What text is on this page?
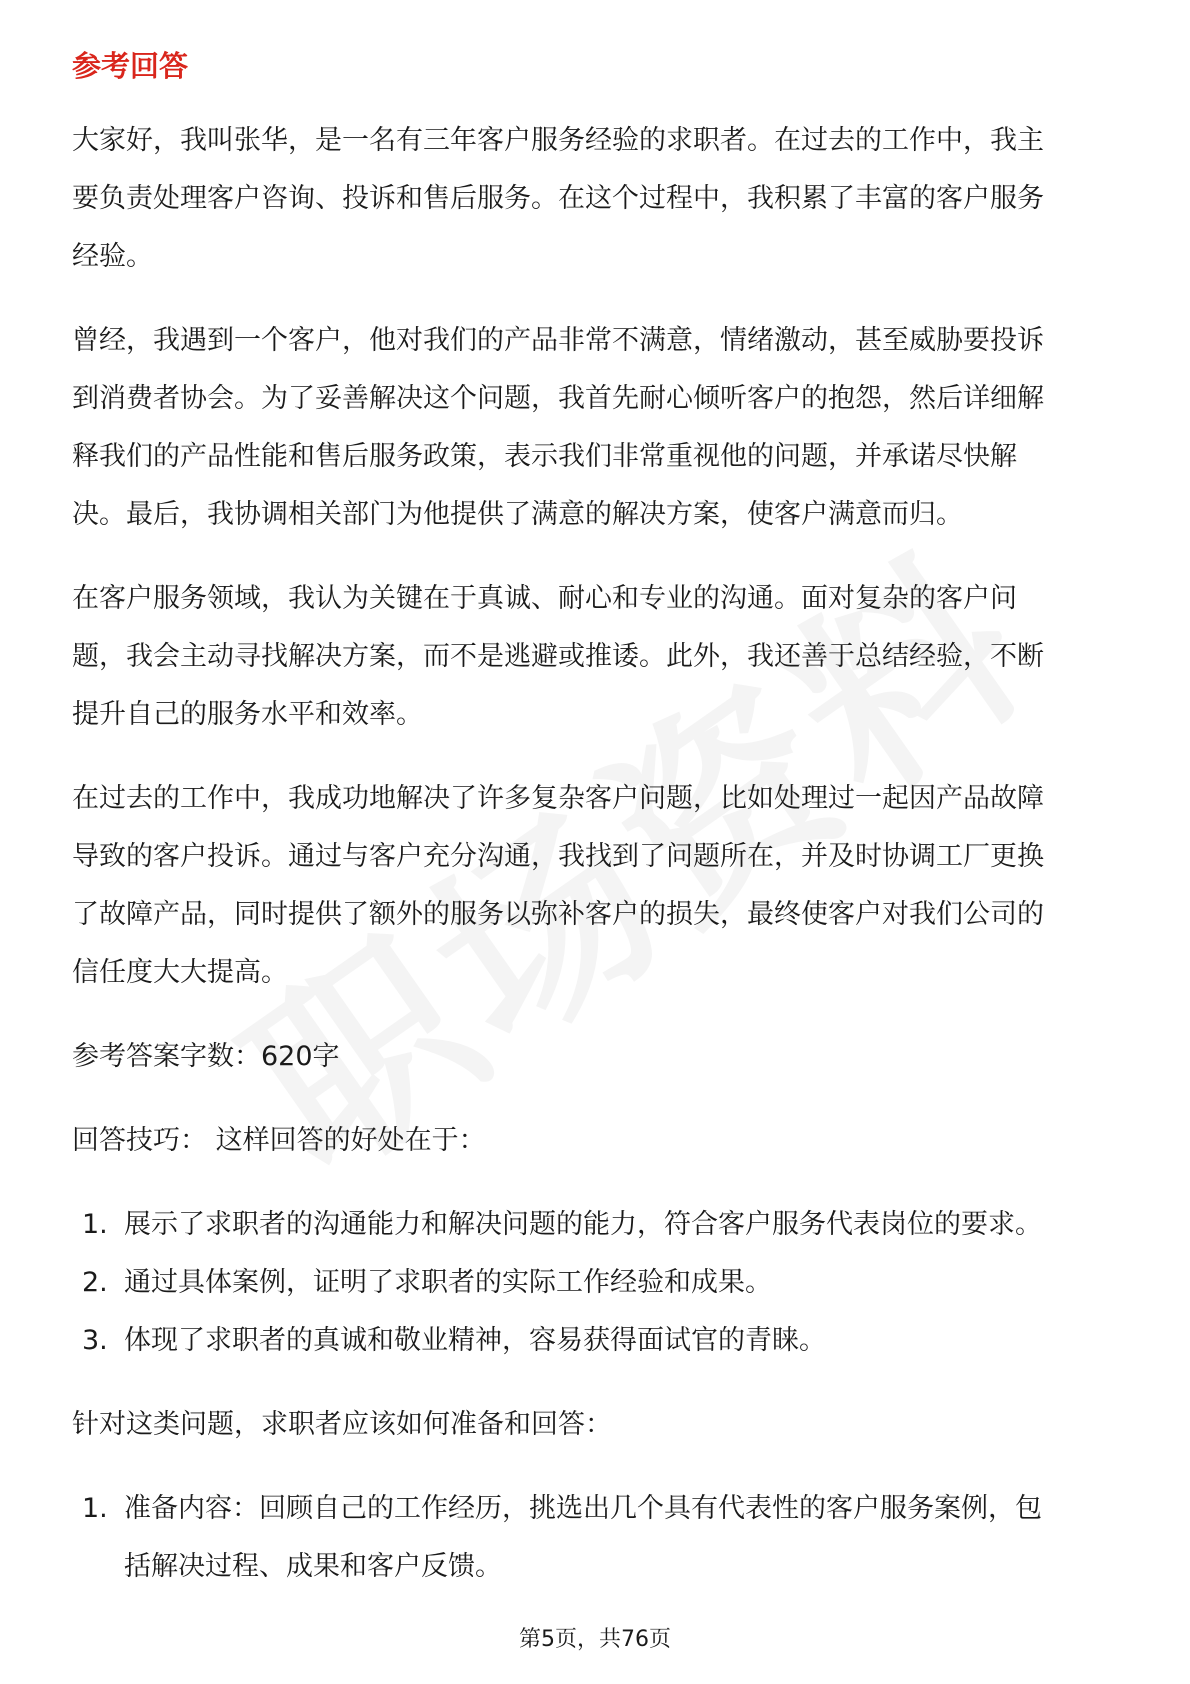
参考回答
大家好，我叫张华，是一名有三年客户服务经验的求职者。在过去的工作中，我主
要负责处理客户咨询、投诉和售后服务。在这个过程中，我积累了丰富的客户服务
经验。
曾经，我遇到一个客户，他对我们的产品非常不满意，情绪激动，甚至威胁要投诉
到消费者协会。为了妥善解决这个问题，我首先耐心倾听客户的抱怨，然后详细解
释我们的产品性能和售后服务政策，表示我们非常重视他的问题，并承诺尽快解
决。最后，我协调相关部门为他提供了满意的解决方案，使客户满意而归。
在客户服务领域，我认为关键在于真诚、耐心和专业的沟通。面对复杂的客户问
题，我会主动寻找解决方案，而不是逃避或推诿。此外，我还善于总结经验，不断
提升自己的服务水平和效率。
在过去的工作中，我成功地解决了许多复杂客户问题，比如处理过一起因产品故障
导致的客户投诉。通过与客户充分沟通，我找到了问题所在，并及时协调工厂更换
了故障产品，同时提供了额外的服务以弥补客户的损失，最终使客户对我们公司的
信任度大大提高。
参考答案字数：620字
回答技巧： 这样回答的好处在于：
1. 展示了求职者的沟通能力和解决问题的能力，符合客户服务代表岗位的要求。
2. 通过具体案例，证明了求职者的实际工作经验和成果。
3. 体现了求职者的真诚和敬业精神，容易获得面试官的青睐。
针对这类问题，求职者应该如何准备和回答：
1. 准备内容：回顾自己的工作经历，挑选出几个具有代表性的客户服务案例，包
括解决过程、成果和客户反馈。
第5页，共76页
